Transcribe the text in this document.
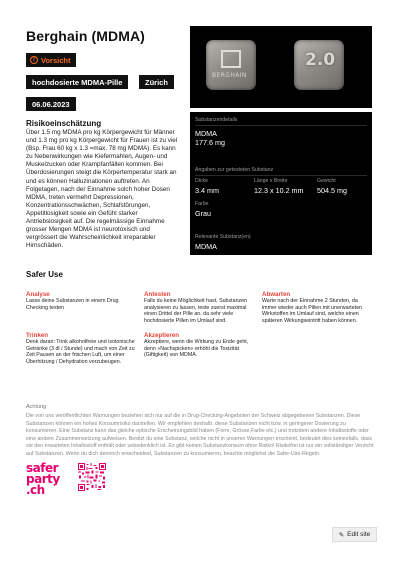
Berghain (MDMA)
! Vorsicht
hochdosierte MDMA-Pille	Zürich
06.06.2023
Risikoeinschätzung
Über 1.5 mg MDMA pro kg Körpergewicht für Männer und 1.3 mg pro kg Körpergewicht für Frauen ist zu viel (Bsp. Frau 60 kg x 1.3 =max. 78 mg MDMA). Es kann zu Nebenwirkungen wie Kiefermahlen, Augen- und Muskelzucken oder Krampfanfällen kommen. Bei Überdosierungen steigt die Körpertemperatur stark an und es können Halluzinationen auftreten. An Folgetagen, nach der Einnahme solch hoher Dosen MDMA, treten vermehrt Depressionen, Konzentrationsschwächen, Schlafstörungen, Appetitlosigkeit sowie ein Gefühl starker Antriebslosigkeit auf. Die regelmässige Einnahme grosser Mengen MDMA ist neurotoxisch und vergrössert die Wahrscheinlichkeit irreparabler Hirnschäden.
BERGHAIN
2.0
Substanzendetails
MDMA
177.6 mg
Angaben zur getesteten Substanz
Dicke
3.4 mm
Länge x Breite
12.3 x 10.2 mm
Gewicht
504.5 mg
Farbe
Grau
Relevante Substanz(en)
MDMA
Safer Use
Analyse
Lasse deine Substanzen in einem Drug Checking testen
Antesten
Falls du keine Möglichkeit hast, Substanzen analysieren zu lassen, teste zuerst maximal einen Drittel der Pille an, da sehr viele hochdosierte Pillen im Umlauf sind.
Abwarten
Warte nach der Einnahme 2 Stunden, da immer wieder auch Pillen mit unerwarteten Wirkstoffen im Umlauf sind, welche einen späteren Wirkungseintritt haben können.
Trinken
Denk daran: Trink alkoholfreie und isotonische Getränke (3 dl / Stunde) und mach von Zeit zu Zeit Pausen an der frischen Luft, um einer Überhitzung / Dehydration vorzubeugen.
Akzeptieren
Akzeptiere, wenn die Wirkung zu Ende geht, denn »Nachspicken« erhöht die Toxizität (Giftigkeit) von MDMA.
Achtung
Die von uns veröffentlichten Warnungen beziehen sich nur auf die in Drug-Checking-Angeboten der Schweiz abgegebenen Substanzen. Diese Substanzen können ein hohes Konsumrisiko darstellen. Wir empfehlen deshalb, diese Substanzen nicht bzw. in geringerer Dosierung zu konsumieren. Eine Substanz kann das gleiche optische Erscheinungsbild haben (Form, Grösse,Farbe etc.) und trotzdem andere Inhaltsstoffe oder eine andere Zusammensetzung aufweisen. Besitzt du eine Substanz, welche nicht in unseren Warnungen erscheint, bedeutet dies keinesfalls, dass sie den erwarteten Inhaltsstoff enthält oder unbedenklich ist. Es gibt keinen Substanzkonsum ohne Risiko! Risikofrei ist nur ein vollständiger Verzicht auf Substanzen. Wenn du dich dennoch entscheidest, Substanzen zu konsumieren, beachte möglichst die Safer-Use-Regeln.
safer
party
.ch
✎ Edit site
